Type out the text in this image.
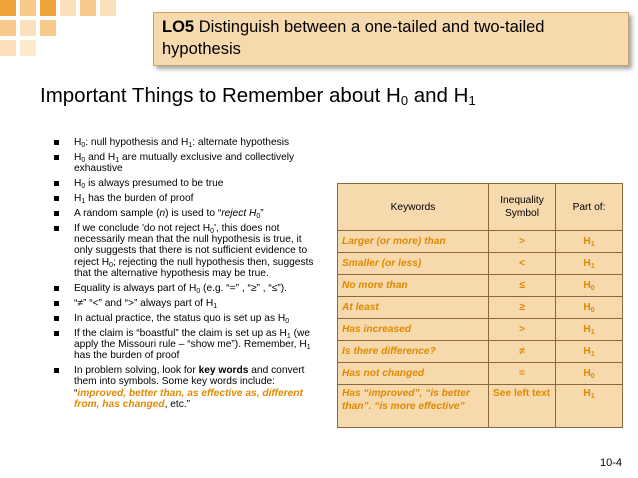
LO5 Distinguish between a one-tailed and two-tailed hypothesis
Important Things to Remember about $H_0$ and $H_1$
$H_0$: null hypothesis and $H_1$: alternate hypothesis
$H_0$ and $H_1$ are mutually exclusive and collectively exhaustive
$H_0$ is always presumed to be true
$H_1$ has the burden of proof
A random sample (n) is used to “reject $H_0$”
If we conclude 'do not reject $H_0'$, this does not necessarily mean that the null hypothesis is true, it only suggests that there is not sufficient evidence to reject $H_0$; rejecting the null hypothesis then, suggests that the alternative hypothesis may be true.
Equality is always part of $H_0$ (e.g. “=” , “≥” , “≤”).
“≠” “<” and “>” always part of $H_1$
In actual practice, the status quo is set up as $H_0$
If the claim is “boastful” the claim is set up as $H_1$ (we apply the Missouri rule – “show me”). Remember, $H_1$ has the burden of proof
In problem solving, look for key words and convert them into symbols. Some key words include: “improved, better than, as effective as, different from, has changed, etc.”
Keywords	Inequality Symbol	Part of:
Larger (or more) than	>	$H_1$
Smaller (or less)	<	$H_1$
No more than	≤	$H_0$
At least	≥	$H_0$
Has increased	>	$H_1$
Is there difference?	≠	$H_1$
Has not changed	=	$H_0$
Has “improved”, “is better than”. “is more effective”	See left text	$H_1$
10-4
